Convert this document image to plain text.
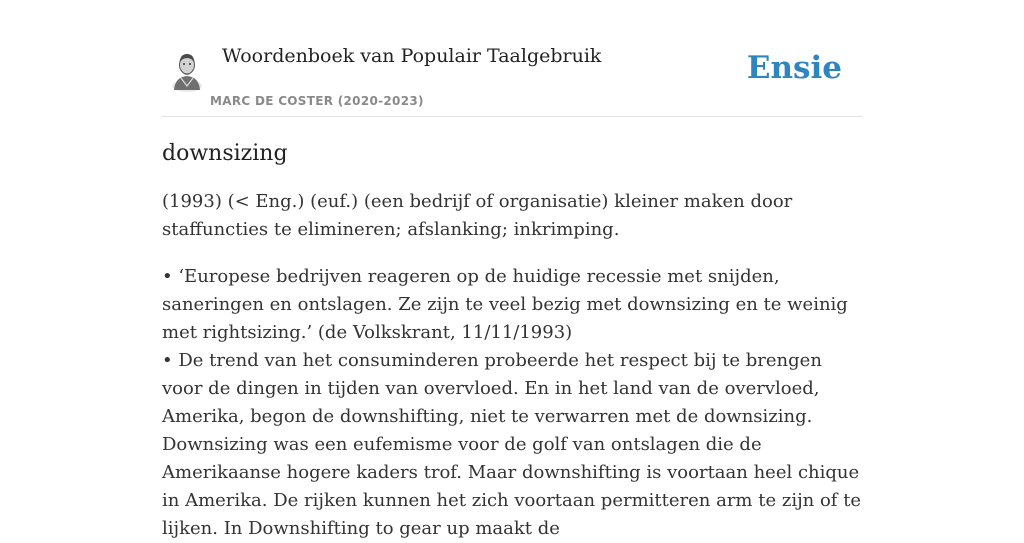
Woordenboek van Populair Taalgebruik
MARC DE COSTER (2020-2023)
Ensie
downsizing

(1993) (< Eng.) (euf.) (een bedrijf of organisatie) kleiner maken door staffuncties te elimineren; afslanking; inkrimping.

• ‘Europese bedrijven reageren op de huidige recessie met snijden, saneringen en ontslagen. Ze zijn te veel bezig met downsizing en te weinig met rightsizing.’ (de Volkskrant, 11/11/1993)

• De trend van het consuminderen probeerde het respect bij te brengen voor de dingen in tijden van overvloed. En in het land van de overvloed, Amerika, begon de downshifting, niet te verwarren met de downsizing. Downsizing was een eufemisme voor de golf van ontslagen die de Amerikaanse hogere kaders trof. Maar downshifting is voortaan heel chique in Amerika. De rijken kunnen het zich voortaan permitteren arm te zijn of te lijken. In Downshifting to gear up maakt de
